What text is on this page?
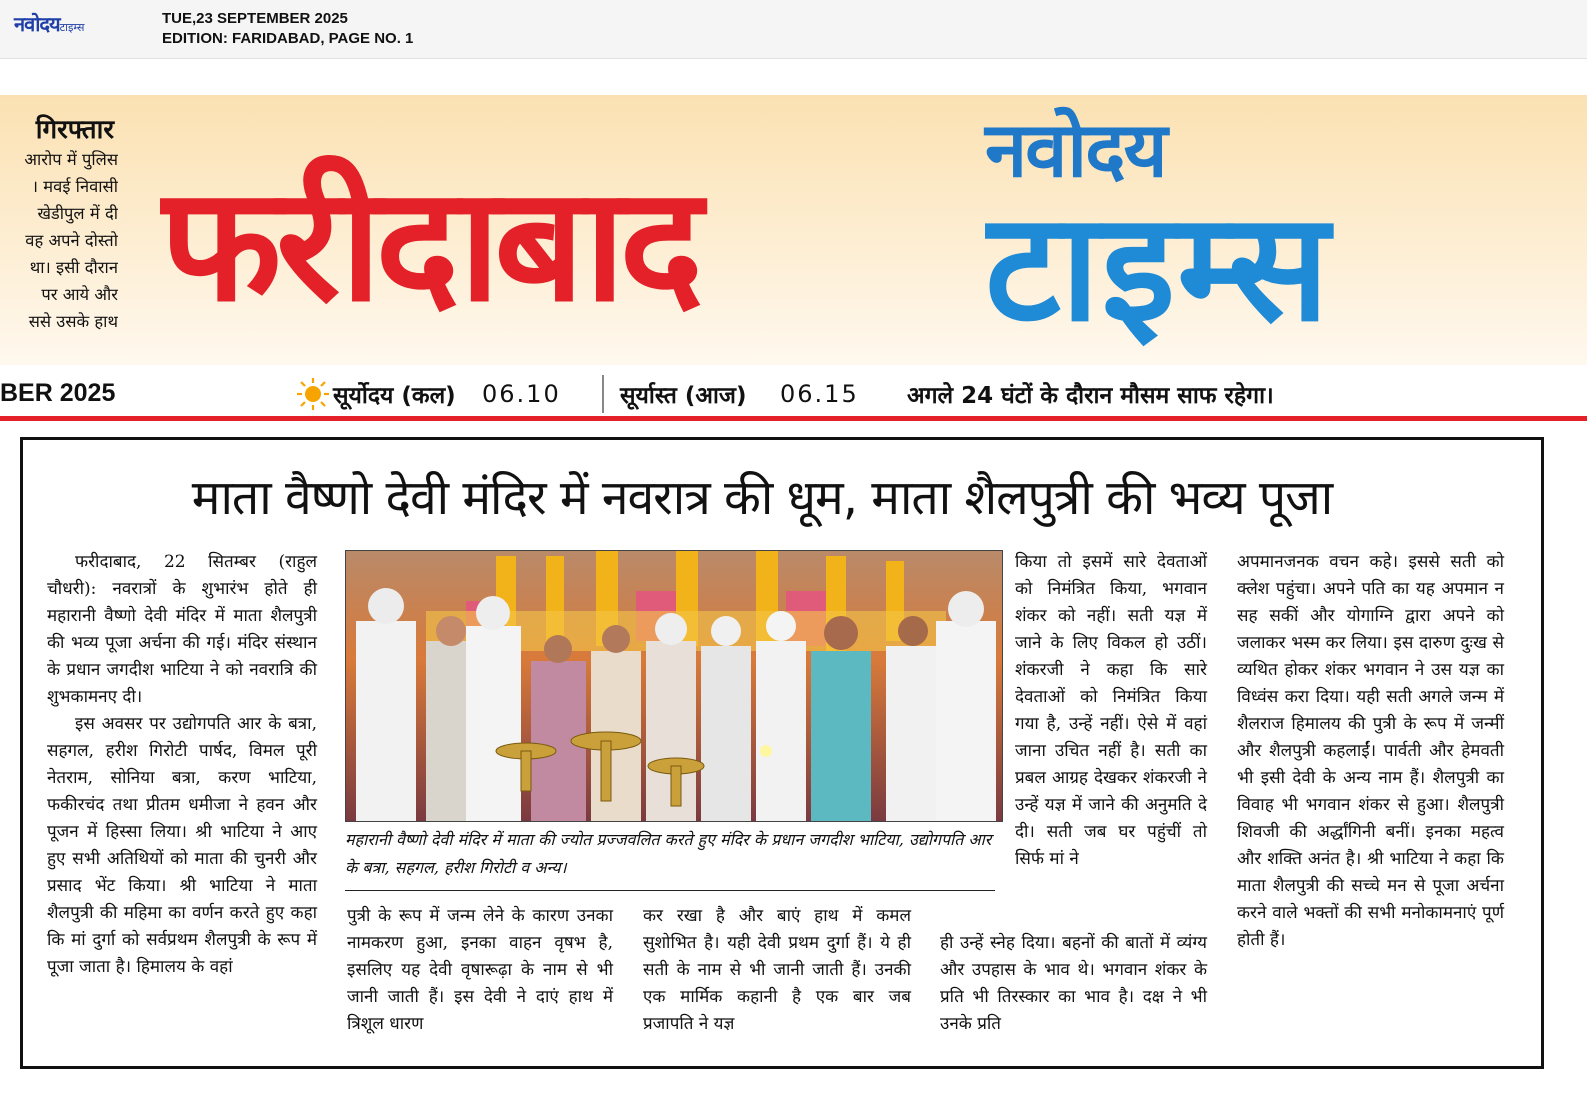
नवोदयटाइम्स
TUE,23 SEPTEMBER 2025
EDITION: FARIDABAD, PAGE NO. 1
गिरफ्तार
आरोप में पुलिस
। मवई निवासी
खेडीपुल में दी
वह अपने दोस्तो
था। इसी दौरान
पर आये और
ससे उसके हाथ फरीदाबाद
नवोदय
टाइम्स
BER 2025	सूर्योदय (कल) 06.10	सूर्यास्त (आज) 06.15 अगले 24 घंटों के दौरान मौसम साफ रहेगा।
माता वैष्णो देवी मंदिर में नवरात्र की धूम, माता शैलपुत्री की भव्य पूजा

फरीदाबाद, 22 सितम्बर (राहुल चौधरी): नवरात्रों के शुभारंभ होते ही महारानी वैष्णो देवी मंदिर में माता शैलपुत्री की भव्य पूजा अर्चना की गई। मंदिर संस्थान के प्रधान जगदीश भाटिया ने को नवरात्रि की शुभकामनए दी।

इस अवसर पर उद्योगपति आर के बत्रा, सहगल, हरीश गिरोटी पार्षद, विमल पूरी नेतराम, सोनिया बत्रा, करण भाटिया, फकीरचंद तथा प्रीतम धमीजा ने हवन और पूजन में हिस्सा लिया। श्री भाटिया ने आए हुए सभी अतिथियों को माता की चुनरी और प्रसाद भेंट किया। श्री भाटिया ने माता शैलपुत्री की महिमा का वर्णन करते हुए कहा कि मां दुर्गा को सर्वप्रथम शैलपुत्री के रूप में पूजा जाता है। हिमालय के वहां

महारानी वैष्णो देवी मंदिर में माता की ज्योत प्रज्जवलित करते हुए मंदिर के प्रधान जगदीश भाटिया, उद्योगपति आर के बत्रा, सहगल, हरीश गिरोटी व अन्य।

पुत्री के रूप में जन्म लेने के कारण उनका नामकरण हुआ, इनका वाहन वृषभ है, इसलिए यह देवी वृषारूढ़ा के नाम से भी जानी जाती हैं। इस देवी ने दाएं हाथ में त्रिशूल धारण

कर रखा है और बाएं हाथ में कमल सुशोभित है। यही देवी प्रथम दुर्गा हैं। ये ही सती के नाम से भी जानी जाती हैं। उनकी एक मार्मिक कहानी है एक बार जब प्रजापति ने यज्ञ

किया तो इसमें सारे देवताओं को निमंत्रित किया, भगवान शंकर को नहीं। सती यज्ञ में जाने के लिए विकल हो उठीं। शंकरजी ने कहा कि सारे देवताओं को निमंत्रित किया गया है, उन्हें नहीं। ऐसे में वहां जाना उचित नहीं है। सती का प्रबल आग्रह देखकर शंकरजी ने उन्हें यज्ञ में जाने की अनुमति दे दी। सती जब घर पहुंचीं तो सिर्फ मां ने

ही उन्हें स्नेह दिया। बहनों की बातों में व्यंग्य और उपहास के भाव थे। भगवान शंकर के प्रति भी तिरस्कार का भाव है। दक्ष ने भी उनके प्रति

अपमानजनक वचन कहे। इससे सती को क्लेश पहुंचा। अपने पति का यह अपमान न सह सकीं और योगाग्नि द्वारा अपने को जलाकर भस्म कर लिया। इस दारुण दुःख से व्यथित होकर शंकर भगवान ने उस यज्ञ का विध्वंस करा दिया। यही सती अगले जन्म में शैलराज हिमालय की पुत्री के रूप में जन्मीं और शैलपुत्री कहलाईं। पार्वती और हेमवती भी इसी देवी के अन्य नाम हैं। शैलपुत्री का विवाह भी भगवान शंकर से हुआ। शैलपुत्री शिवजी की अर्द्धांगिनी बनीं। इनका महत्व और शक्ति अनंत है। श्री भाटिया ने कहा कि माता शैलपुत्री की सच्चे मन से पूजा अर्चना करने वाले भक्तों की सभी मनोकामनाएं पूर्ण होती हैं।
